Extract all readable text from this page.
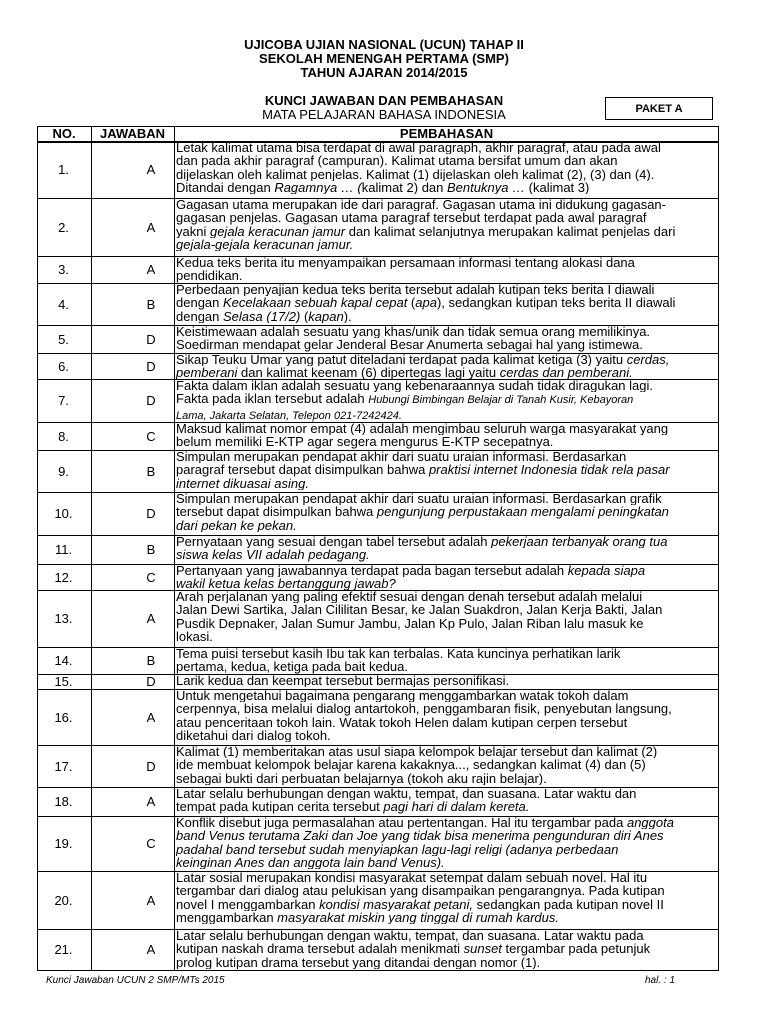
UJICOBA UJIAN NASIONAL (UCUN) TAHAP II
SEKOLAH MENENGAH PERTAMA (SMP)
TAHUN AJARAN 2014/2015
KUNCI JAWABAN DAN PEMBAHASAN
MATA PELAJARAN BAHASA INDONESIA	PAKET A
NO.	JAWABAN	PEMBAHASAN
1.	A
Letak kalimat utama bisa terdapat di awal paragraph, akhir paragraf, atau pada awal
dan pada akhir paragraf (campuran). Kalimat utama bersifat umum dan akan
dijelaskan oleh kalimat penjelas. Kalimat (1) dijelaskan oleh kalimat (2), (3) dan (4).
Ditandai dengan Ragamnya … (kalimat 2) dan Bentuknya … (kalimat 3)
2.	A
Gagasan utama merupakan ide dari paragraf. Gagasan utama ini didukung gagasan-
gagasan penjelas. Gagasan utama paragraf tersebut terdapat pada awal paragraf
yakni gejala keracunan jamur dan kalimat selanjutnya merupakan kalimat penjelas dari
gejala-gejala keracunan jamur.
3.	A	Kedua teks berita itu menyampaikan persamaan informasi tentang alokasi dana
pendidikan.
4.	B
Perbedaan penyajian kedua teks berita tersebut adalah kutipan teks berita I diawali
dengan Kecelakaan sebuah kapal cepat (apa), sedangkan kutipan teks berita II diawali
dengan Selasa (17/2) (kapan).
5.	D	Keistimewaan adalah sesuatu yang khas/unik dan tidak semua orang memilikinya.
Soedirman mendapat gelar Jenderal Besar Anumerta sebagai hal yang istimewa.
6.	D	Sikap Teuku Umar yang patut diteladani terdapat pada kalimat ketiga (3) yaitu cerdas,
pemberani dan kalimat keenam (6) dipertegas lagi yaitu cerdas dan pemberani.
7.	D
Fakta dalam iklan adalah sesuatu yang kebenaraannya sudah tidak diragukan lagi.
Fakta pada iklan tersebut adalah Hubungi Bimbingan Belajar di Tanah Kusir, Kebayoran
Lama, Jakarta Selatan, Telepon 021-7242424.
8.	C	Maksud kalimat nomor empat (4) adalah mengimbau seluruh warga masyarakat yang
belum memiliki E-KTP agar segera mengurus E-KTP secepatnya.
9.	B
Simpulan merupakan pendapat akhir dari suatu uraian informasi. Berdasarkan
paragraf tersebut dapat disimpulkan bahwa praktisi internet Indonesia tidak rela pasar
internet dikuasai asing.
10.	D
Simpulan merupakan pendapat akhir dari suatu uraian informasi. Berdasarkan grafik
tersebut dapat disimpulkan bahwa pengunjung perpustakaan mengalami peningkatan
dari pekan ke pekan.
11.	B
Pernyataan yang sesuai dengan tabel tersebut adalah pekerjaan terbanyak orang tua
siswa kelas VII adalah pedagang.
12.	C	Pertanyaan yang jawabannya terdapat pada bagan tersebut adalah kepada siapa
wakil ketua kelas bertanggung jawab?
13.	A
Arah perjalanan yang paling efektif sesuai dengan denah tersebut adalah melalui
Jalan Dewi Sartika, Jalan Cililitan Besar, ke Jalan Suakdron, Jalan Kerja Bakti, Jalan
Pusdik Depnaker, Jalan Sumur Jambu, Jalan Kp Pulo, Jalan Riban lalu masuk ke
lokasi.
14.	B	Tema puisi tersebut kasih Ibu tak kan terbalas. Kata kuncinya perhatikan larik
pertama, kedua, ketiga pada bait kedua.
15.	D	Larik kedua dan keempat tersebut bermajas personifikasi.
16.	A
Untuk mengetahui bagaimana pengarang menggambarkan watak tokoh dalam
cerpennya, bisa melalui dialog antartokoh, penggambaran fisik, penyebutan langsung,
atau penceritaan tokoh lain. Watak tokoh Helen dalam kutipan cerpen tersebut
diketahui dari dialog tokoh.
17.	D
Kalimat (1) memberitakan atas usul siapa kelompok belajar tersebut dan kalimat (2)
ide membuat kelompok belajar karena kakaknya..., sedangkan kalimat (4) dan (5)
sebagai bukti dari perbuatan belajarnya (tokoh aku rajin belajar).
18.	A
Latar selalu berhubungan dengan waktu, tempat, dan suasana. Latar waktu dan
tempat pada kutipan cerita tersebut pagi hari di dalam kereta.
19.	C
Konflik disebut juga permasalahan atau pertentangan. Hal itu tergambar pada anggota
band Venus terutama Zaki dan Joe yang tidak bisa menerima pengunduran diri Anes
padahal band tersebut sudah menyiapkan lagu-lagi religi (adanya perbedaan
keinginan Anes dan anggota lain band Venus).
20.	A
Latar sosial merupakan kondisi masyarakat setempat dalam sebuah novel. Hal itu
tergambar dari dialog atau pelukisan yang disampaikan pengarangnya. Pada kutipan
novel I menggambarkan kondisi masyarakat petani, sedangkan pada kutipan novel II
menggambarkan masyarakat miskin yang tinggal di rumah kardus.
21.	A
Latar selalu berhubungan dengan waktu, tempat, dan suasana. Latar waktu pada
kutipan naskah drama tersebut adalah menikmati sunset tergambar pada petunjuk
prolog kutipan drama tersebut yang ditandai dengan nomor (1).
Kunci Jawaban UCUN 2 SMP/MTs 2015	hal. : 1
